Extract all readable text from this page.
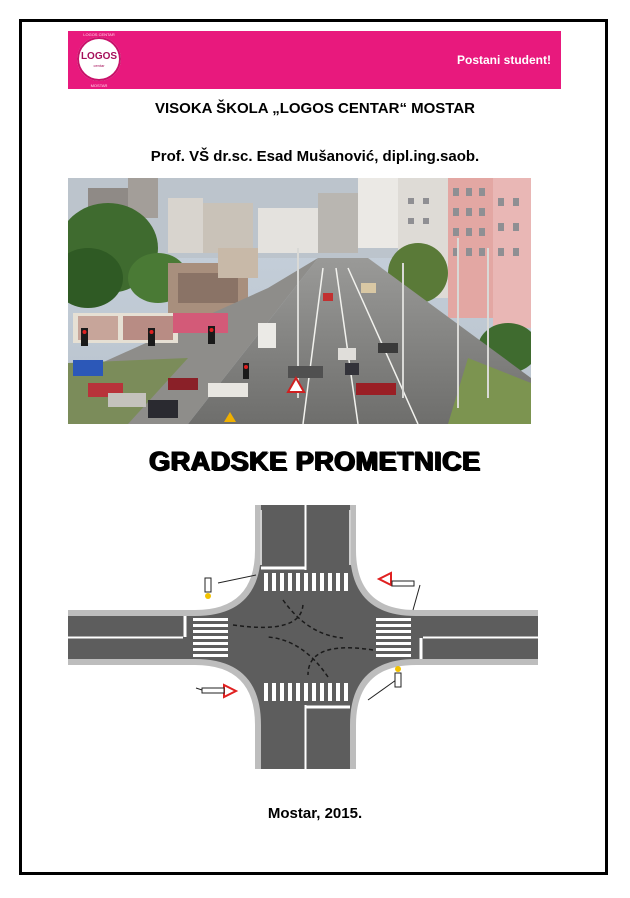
LOGOS CENTAR
LOGOS
centar
MOSTAR
Postani student!
VISOKA ŠKOLA „LOGOS CENTAR“ MOSTAR
Prof. VŠ dr.sc. Esad Mušanović, dipl.ing.saob.
GRADSKE PROMETNICE
Mostar, 2015.
